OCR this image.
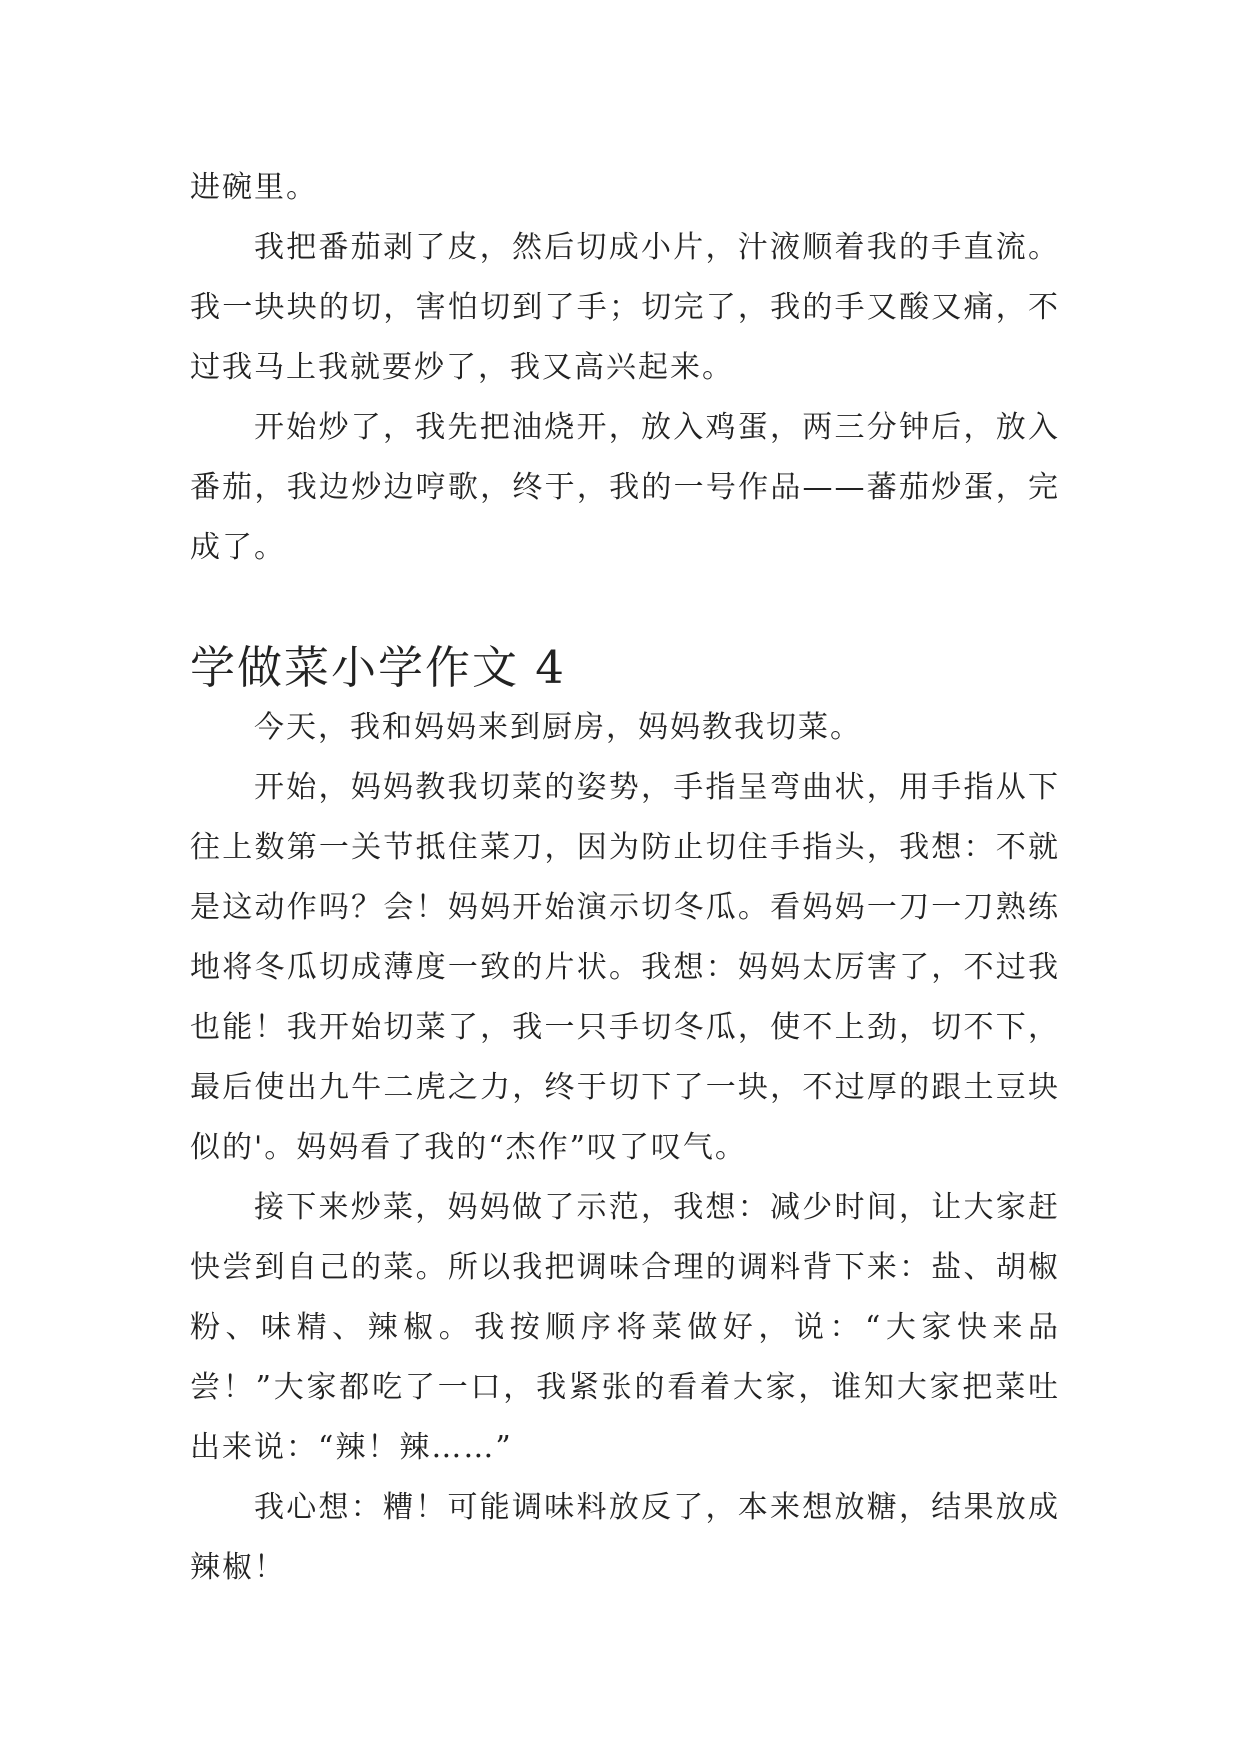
进碗里。

我把番茄剥了皮，然后切成小片，汁液顺着我的手直流。我一块块的切，害怕切到了手；切完了，我的手又酸又痛，不过我马上我就要炒了，我又高兴起来。

开始炒了，我先把油烧开，放入鸡蛋，两三分钟后，放入番茄，我边炒边哼歌，终于，我的一号作品——蕃茄炒蛋，完成了。

学做菜小学作文 4

今天，我和妈妈来到厨房，妈妈教我切菜。

开始，妈妈教我切菜的姿势，手指呈弯曲状，用手指从下往上数第一关节抵住菜刀，因为防止切住手指头，我想：不就是这动作吗？会！妈妈开始演示切冬瓜。看妈妈一刀一刀熟练地将冬瓜切成薄度一致的片状。我想：妈妈太厉害了，不过我也能！我开始切菜了，我一只手切冬瓜，使不上劲，切不下，最后使出九牛二虎之力，终于切下了一块，不过厚的跟土豆块似的'。妈妈看了我的“杰作”叹了叹气。

接下来炒菜，妈妈做了示范，我想：减少时间，让大家赶快尝到自己的菜。所以我把调味合理的调料背下来：盐、胡椒粉、味精、辣椒。我按顺序将菜做好，说：“大家快来品尝！”大家都吃了一口，我紧张的看着大家，谁知大家把菜吐出来说：“辣！辣……”

我心想：糟！可能调味料放反了，本来想放糖，结果放成辣椒！
